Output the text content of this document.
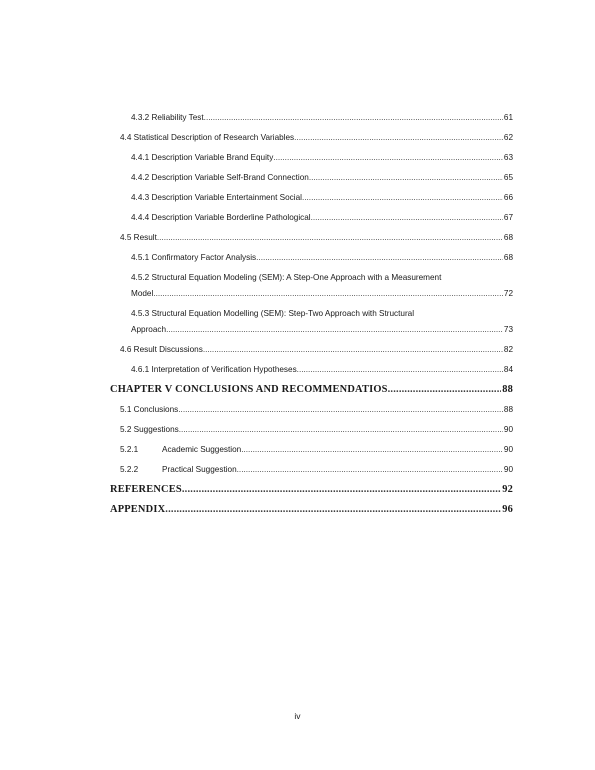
4.3.2 Reliability Test .....	61
4.4 Statistical Description of Research Variables .....	62
4.4.1 Description Variable Brand Equity .....	63
4.4.2 Description Variable Self-Brand Connection .....	65
4.4.3 Description Variable Entertainment Social .....	66
4.4.4 Description Variable Borderline Pathological .....	67
4.5 Result .....	68
4.5.1 Confirmatory Factor Analysis .....	68
4.5.2 Structural Equation Modeling (SEM): A Step-One Approach with a Measurement
Model .....	72
4.5.3 Structural Equation Modelling (SEM): Step-Two Approach with Structural
Approach .....	73
4.6 Result Discussions .....	82
4.6.1 Interpretation of Verification Hypotheses .....	84
CHAPTER V CONCLUSIONS AND RECOMMENDATIOS .....	88
5.1 Conclusions .....	88
5.2 Suggestions .....	90
5.2.1	Academic Suggestion .....	90
5.2.2	Practical Suggestion .....	90
REFERENCES .....	92
APPENDIX .....	96
iv
